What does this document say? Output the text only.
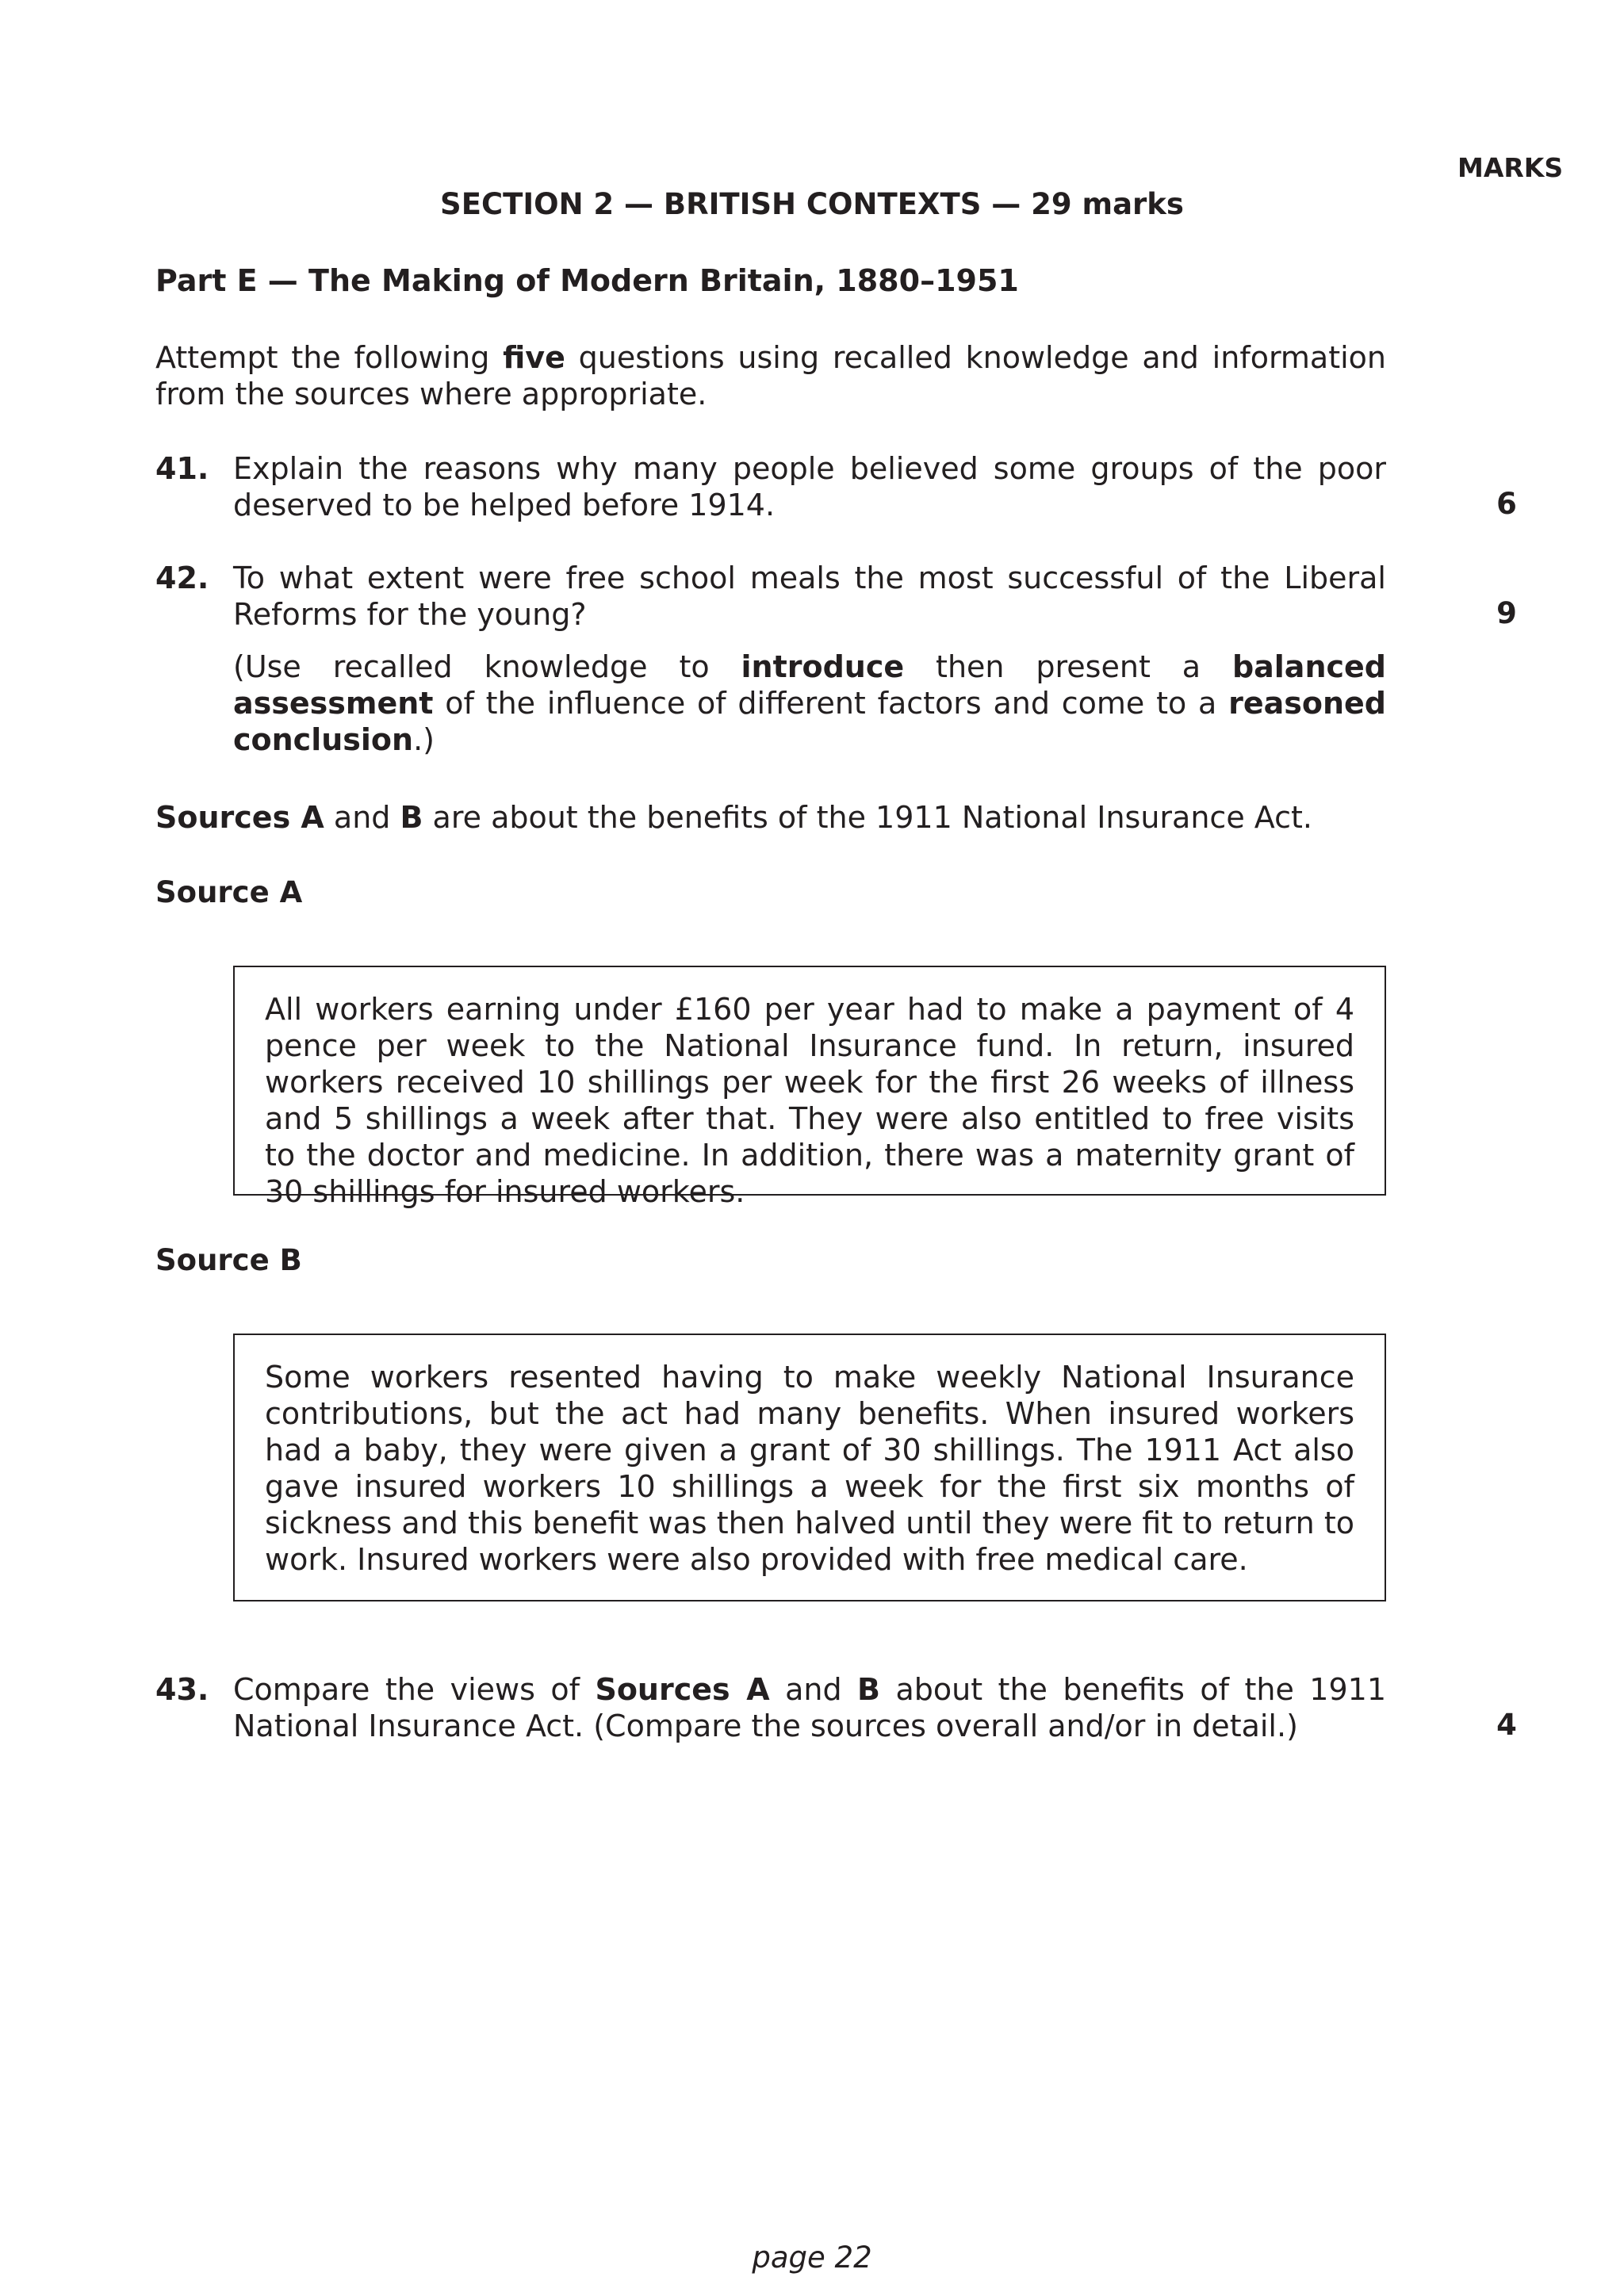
MARKS
SECTION 2 — BRITISH CONTEXTS — 29 marks
Part E — The Making of Modern Britain, 1880–1951
Attempt the following five questions using recalled knowledge and information from the sources where appropriate.
41. Explain the reasons why many people believed some groups of the poor deserved to be helped before 1914.	6
42. To what extent were free school meals the most successful of the Liberal Reforms for the young?	9
(Use recalled knowledge to introduce then present a balanced assessment of the influence of different factors and come to a reasoned conclusion.)
Sources A and B are about the benefits of the 1911 National Insurance Act.
Source A
All workers earning under £160 per year had to make a payment of 4 pence per week to the National Insurance fund. In return, insured workers received 10 shillings per week for the first 26 weeks of illness and 5 shillings a week after that. They were also entitled to free visits to the doctor and medicine. In addition, there was a maternity grant of 30 shillings for insured workers.
Source B
Some workers resented having to make weekly National Insurance contributions, but the act had many benefits. When insured workers had a baby, they were given a grant of 30 shillings. The 1911 Act also gave insured workers 10 shillings a week for the first six months of sickness and this benefit was then halved until they were fit to return to work. Insured workers were also provided with free medical care.
43. Compare the views of Sources A and B about the benefits of the 1911 National Insurance Act. (Compare the sources overall and/or in detail.)	4
page 22
